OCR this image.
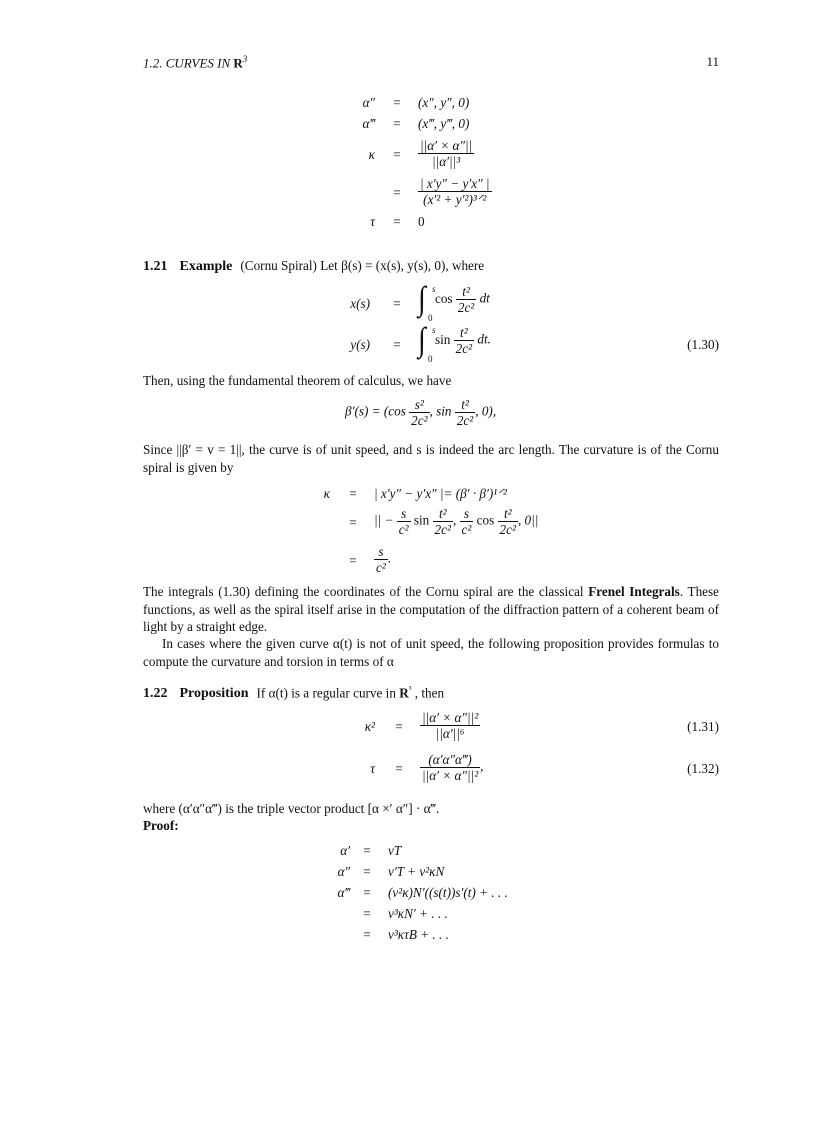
1.2. CURVES IN $R^3$	11
α″ = (x″, y″, 0)
α‴ = (x‴, y‴, 0)
$\kappa = \frac{||\alpha' \times \alpha''||}{\text{||α′||³}}$
= $\frac{| x'y'' - y'x'' |}{\text{(x′² + y′²)³ᐟ²}}$
τ = 0
1.21 Example (Cornu Spiral) Let β(s) = (x(s), y(s), 0), where
x(s) = ∫ s
0
$\cos \frac{\text{t²}}{\text{2c²}}$ dt
y(s) = ∫ s
0
$\sin \frac{\text{t²}}{\text{2c²}}$ dt.	(1.30)
Then, using the fundamental theorem of calculus, we have
$\beta'(s) = (\cos \frac{\text{s²}}{\text{2c²}}$ , $\sin \frac{\text{t²}}{\text{2c²}}$ , 0),
Since ||β′ = v = 1||, the curve is of unit speed, and s is indeed the arc length. The curvature is of the Cornu spiral is given by
κ = | x′y″ − y′x″ |= (β′ · β′)¹ᐟ²
= || − $\frac{s}{\text{c²}}$ $\sin \frac{\text{t²}}{\text{2c²}}$ , $\frac{s}{\text{c²}}$ $\cos \frac{\text{t²}}{\text{2c²}}$ , 0||
= $\frac{s}{\text{c²}}$ .
The integrals (1.30) defining the coordinates of the Cornu spiral are the classical Frenel Integrals. These functions, as well as the spiral itself arise in the computation of the diffraction pattern of a coherent beam of light by a straight edge.
In cases where the given curve α(t) is not of unit speed, the following proposition provides formulas to compute the curvature and torsion in terms of α
1.22 Proposition If α(t) is a regular curve in $R^{^3}$ , then
$\kappa^2 = \frac{\text{||α′ × α″||²}}{\text{||α′||⁶}}$	(1.31)
$\tau = \frac{(\alpha'\alpha''\alpha‴)}{\text{||α′ × α″||²}}$ ,	(1.32)
where (α′α″α‴) is the triple vector product [α ×′ α″] · α‴.
Proof:
α′ = vT
α″ = v′T + v²κN
α‴ = (v²κ)N′((s(t))s′(t) + . . .
= v³κN′ + . . .
= v³κτB + . . .
